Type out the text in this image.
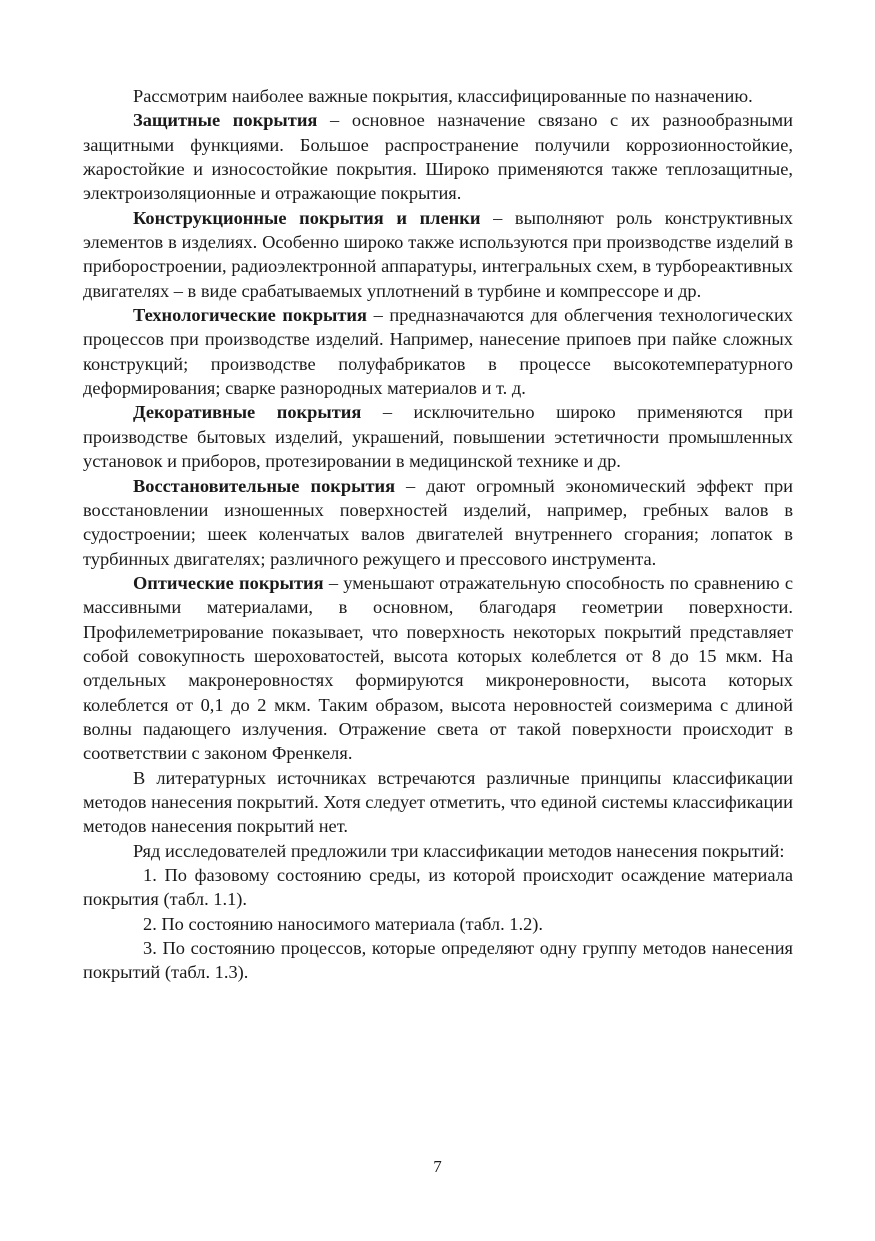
Рассмотрим наиболее важные покрытия, классифицированные по назначению.

Защитные покрытия – основное назначение связано с их разнообразными защитными функциями. Большое распространение получили коррозионностойкие, жаростойкие и износостойкие покрытия. Широко применяются также теплозащитные, электроизоляционные и отражающие покрытия.

Конструкционные покрытия и пленки – выполняют роль конструктивных элементов в изделиях. Особенно широко также используются при производстве изделий в приборостроении, радиоэлектронной аппаратуры, интегральных схем, в турбореактивных двигателях – в виде срабатываемых уплотнений в турбине и компрессоре и др.

Технологические покрытия – предназначаются для облегчения технологических процессов при производстве изделий. Например, нанесение припоев при пайке сложных конструкций; производстве полуфабрикатов в процессе высокотемпературного деформирования; сварке разнородных материалов и т. д.

Декоративные покрытия – исключительно широко применяются при производстве бытовых изделий, украшений, повышении эстетичности промышленных установок и приборов, протезировании в медицинской технике и др.

Восстановительные покрытия – дают огромный экономический эффект при восстановлении изношенных поверхностей изделий, например, гребных валов в судостроении; шеек коленчатых валов двигателей внутреннего сгорания; лопаток в турбинных двигателях; различного режущего и прессового инструмента.

Оптические покрытия – уменьшают отражательную способность по сравнению с массивными материалами, в основном, благодаря геометрии поверхности. Профилеметрирование показывает, что поверхность некоторых покрытий представляет собой совокупность шероховатостей, высота которых колеблется от 8 до 15 мкм. На отдельных макронеровностях формируются микронеровности, высота которых колеблется от 0,1 до 2 мкм. Таким образом, высота неровностей соизмерима с длиной волны падающего излучения. Отражение света от такой поверхности происходит в соответствии с законом Френкеля.

В литературных источниках встречаются различные принципы классификации методов нанесения покрытий. Хотя следует отметить, что единой системы классификации методов нанесения покрытий нет.

Ряд исследователей предложили три классификации методов нанесения покрытий:

1. По фазовому состоянию среды, из которой происходит осаждение материала покрытия (табл. 1.1).

2. По состоянию наносимого материала (табл. 1.2).

3. По состоянию процессов, которые определяют одну группу методов нанесения покрытий (табл. 1.3).

7
